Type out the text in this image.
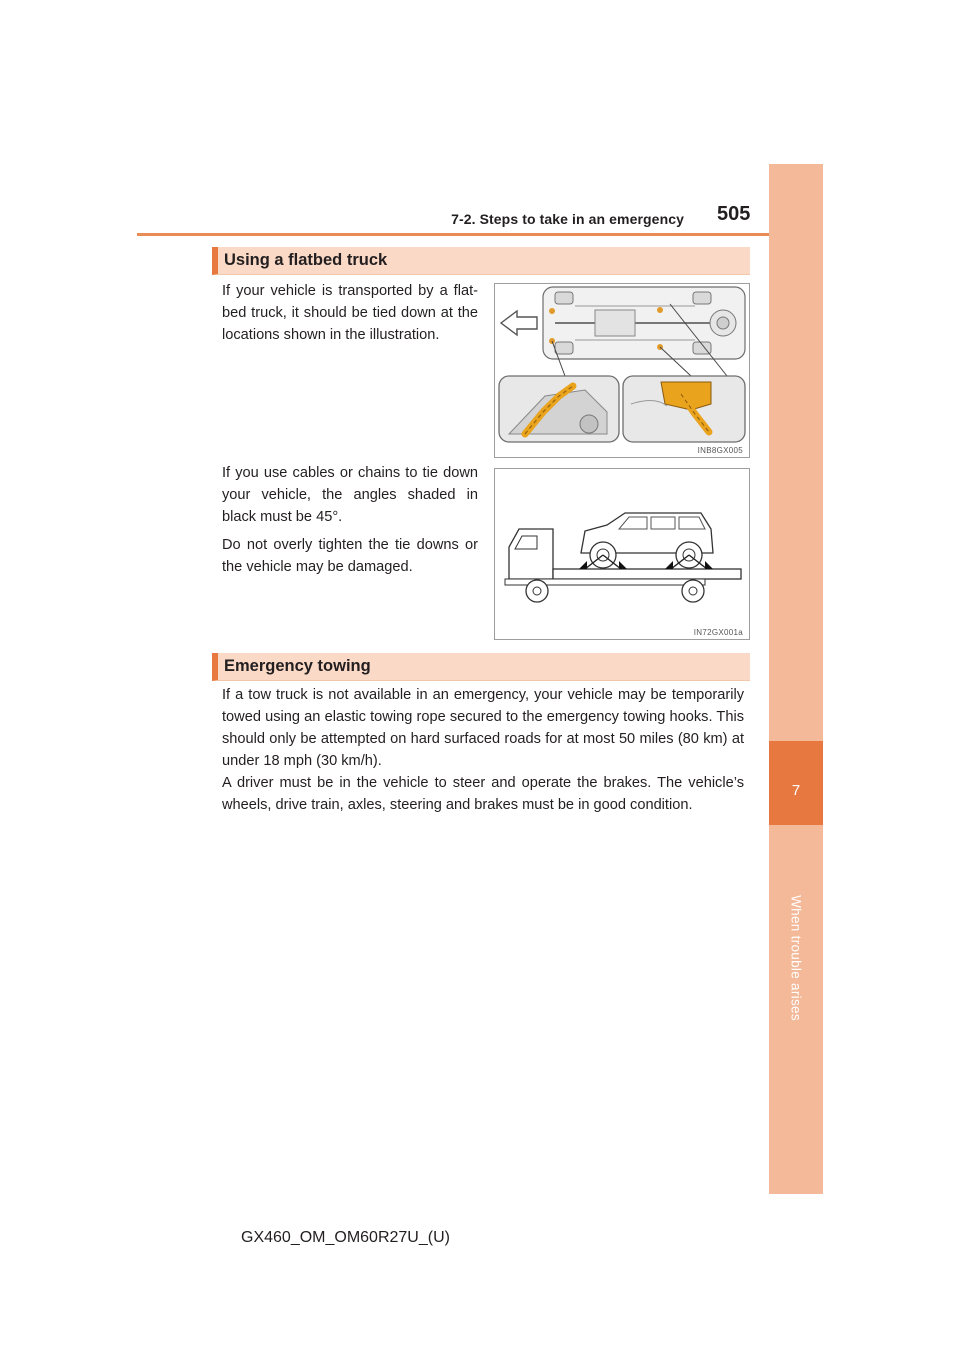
7-2. Steps to take in an emergency 505
7
When trouble arises
Using a flatbed truck
If your vehicle is transported by a flat-bed truck, it should be tied down at the locations shown in the illustration.
If you use cables or chains to tie down your vehicle, the angles shaded in black must be 45°.
Do not overly tighten the tie downs or the vehicle may be damaged.
INB8GX005
IN72GX001a
Emergency towing
If a tow truck is not available in an emergency, your vehicle may be temporarily towed using an elastic towing rope secured to the emergency towing hooks. This should only be attempted on hard surfaced roads for at most 50 miles (80 km) at under 18 mph (30 km/h).
A driver must be in the vehicle to steer and operate the brakes. The vehicle’s wheels, drive train, axles, steering and brakes must be in good condition.
GX460_OM_OM60R27U_(U)
